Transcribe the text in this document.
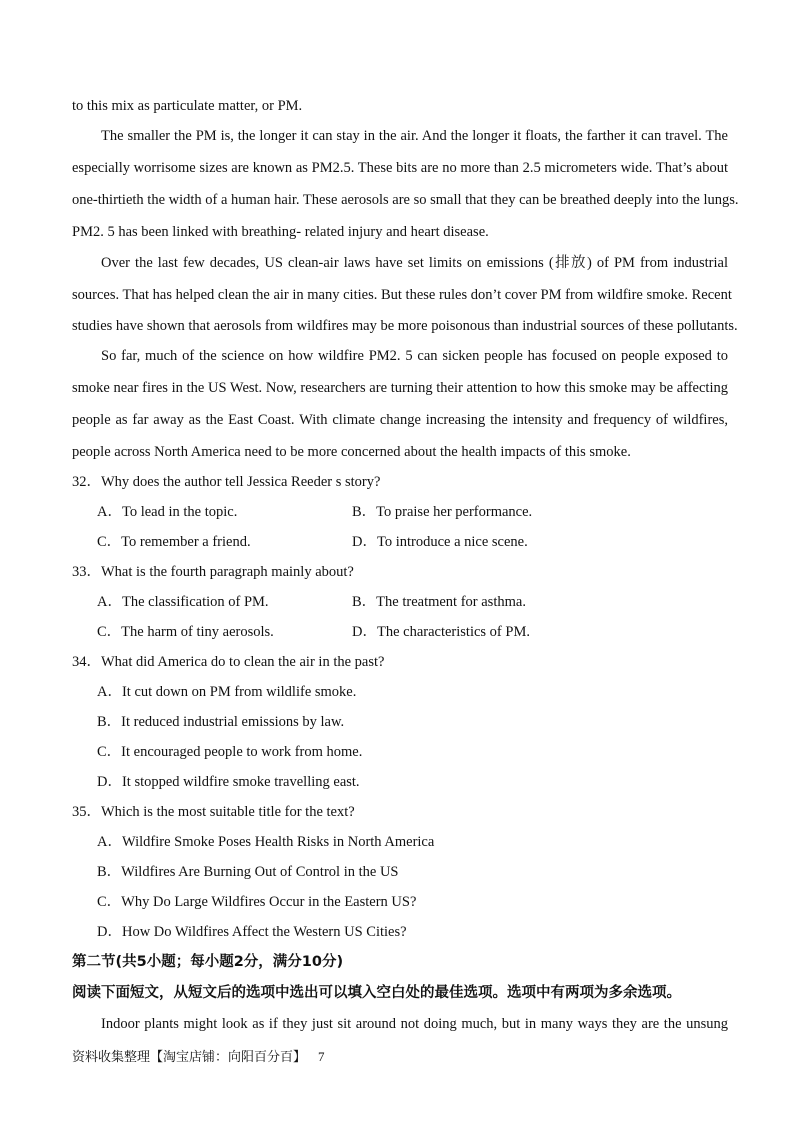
to this mix as particulate matter, or PM.
The smaller the PM is, the longer it can stay in the air. And the longer it floats, the farther it can travel. The
especially worrisome sizes are known as PM2.5. These bits are no more than 2.5 micrometers wide. That’s about
one-thirtieth the width of a human hair. These aerosols are so small that they can be breathed deeply into the lungs.
PM2. 5 has been linked with breathing- related injury and heart disease.
Over the last few decades, US clean-air laws have set limits on emissions (排放) of PM from industrial
sources. That has helped clean the air in many cities. But these rules don’t cover PM from wildfire smoke. Recent
studies have shown that aerosols from wildfires may be more poisonous than industrial sources of these pollutants.
So far, much of the science on how wildfire PM2. 5 can sicken people has focused on people exposed to
smoke near fires in the US West. Now, researchers are turning their attention to how this smoke may be affecting
people as far away as the East Coast. With climate change increasing the intensity and frequency of wildfires,
people across North America need to be more concerned about the health impacts of this smoke.
32．Why does the author tell Jessica Reeder s story?
A．To lead in the topic.	B．To praise her performance.
C．To remember a friend.	D．To introduce a nice scene.
33．What is the fourth paragraph mainly about?
A．The classification of PM.	B．The treatment for asthma.
C．The harm of tiny aerosols.	D．The characteristics of PM.
34．What did America do to clean the air in the past?
A．It cut down on PM from wildlife smoke.
B．It reduced industrial emissions by law.
C．It encouraged people to work from home.
D．It stopped wildfire smoke travelling east.
35．Which is the most suitable title for the text?
A．Wildfire Smoke Poses Health Risks in North America
B．Wildfires Are Burning Out of Control in the US
C．Why Do Large Wildfires Occur in the Eastern US?
D．How Do Wildfires Affect the Western US Cities?
第二节(共5小题；每小题2分，满分10分)
阅读下面短文，从短文后的选项中选出可以填入空白处的最佳选项。选项中有两项为多余选项。
Indoor plants might look as if they just sit around not doing much, but in many ways they are the unsung
资料收集整理【淘宝店铺：向阳百分百】 7
